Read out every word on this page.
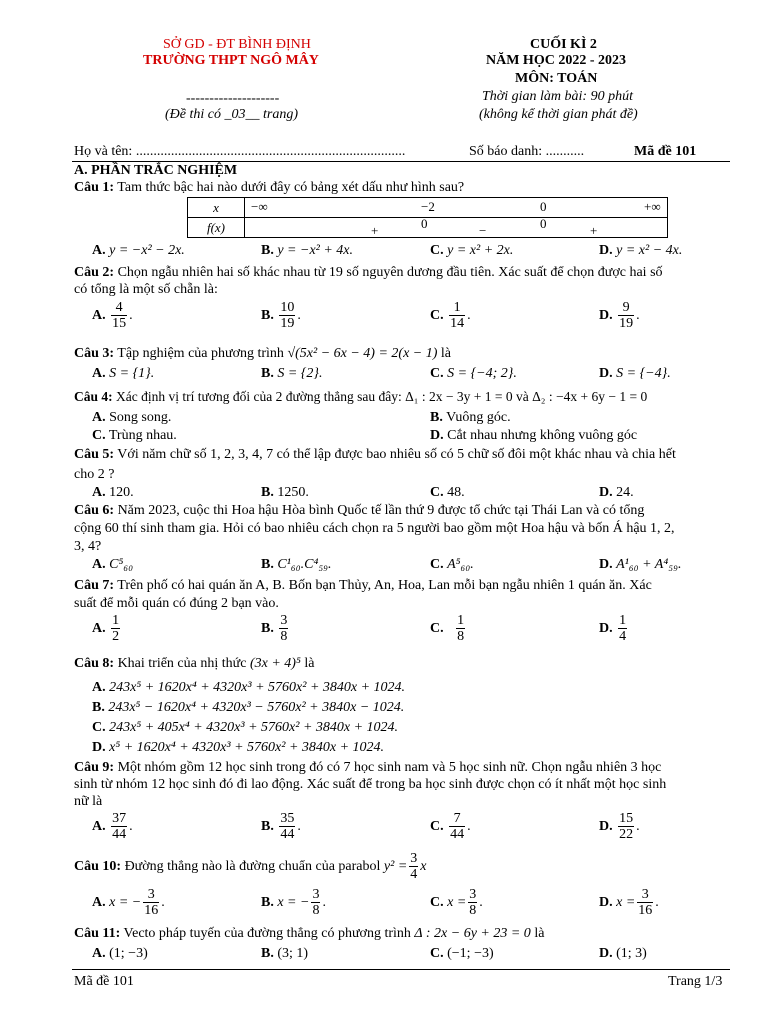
SỞ GD - ĐT BÌNH ĐỊNH
TRƯỜNG THPT NGÔ MÂY
--------------------
(Đề thi có _03__ trang)
CUỐI KÌ 2
NĂM HỌC 2022 - 2023
MÔN: TOÁN
Thời gian làm bài: 90 phút
(không kể thời gian phát đề)
Họ và tên: .............................................................................	Số báo danh: ...........	Mã đề 101
A. PHẦN TRẮC NGHIỆM
Câu 1: Tam thức bậc hai nào dưới đây có bảng xét dấu như hình sau?
x	−∞ −2 0 +∞

f(x)	+ 0 − 0 +
A. y = −x² − 2x.	B. y = −x² + 4x.	C. y = x² + 2x.	D. y = x² − 4x.
Câu 2: Chọn ngẫu nhiên hai số khác nhau từ 19 số nguyên dương đầu tiên. Xác suất để chọn được hai số
có tổng là một số chẵn là:
A. $\frac{4}{15}$ .	B. $\frac{10}{19}$ .	C. $\frac{1}{14}$ .	D. $\frac{9}{19}$ .
Câu 3: Tập nghiệm của phương trình √(5x² − 6x − 4) = 2(x − 1) là
A. S = {1}.	B. S = {2}.	C. S = {−4; 2}.	D. S = {−4}.
Câu 4: Xác định vị trí tương đối của 2 đường thẳng sau đây: Δ₁ : 2x − 3y + 1 = 0 và Δ₂ : −4x + 6y − 1 = 0
A. Song song.	B. Vuông góc.
C. Trùng nhau.	D. Cắt nhau nhưng không vuông góc
Câu 5: Với năm chữ số 1, 2, 3, 4, 7 có thể lập được bao nhiêu số có 5 chữ số đôi một khác nhau và chia hết
cho 2 ?
A. 120.	B. 1250.	C. 48.	D. 24.
Câu 6: Năm 2023, cuộc thi Hoa hậu Hòa bình Quốc tế lần thứ 9 được tổ chức tại Thái Lan và có tổng
cộng 60 thí sinh tham gia. Hỏi có bao nhiêu cách chọn ra 5 người bao gồm một Hoa hậu và bốn Á hậu 1, 2,
3, 4?
A. C⁵₆₀	B. C¹₆₀.C⁴₅₉.	C. A⁵₆₀.	D. A¹₆₀ + A⁴₅₉.
Câu 7: Trên phố có hai quán ăn A, B. Bốn bạn Thủy, An, Hoa, Lan mỗi bạn ngẫu nhiên 1 quán ăn. Xác
suất để mỗi quán có đúng 2 bạn vào.
A. $\frac{1}{2}$	B. $\frac{3}{8}$	C. $\frac{1}{8}$	D. $\frac{1}{4}$
Câu 8: Khai triển của nhị thức (3x + 4)⁵ là
A. 243x⁵ + 1620x⁴ + 4320x³ + 5760x² + 3840x + 1024.
B. 243x⁵ − 1620x⁴ + 4320x³ − 5760x² + 3840x − 1024.
C. 243x⁵ + 405x⁴ + 4320x³ + 5760x² + 3840x + 1024.
D. x⁵ + 1620x⁴ + 4320x³ + 5760x² + 3840x + 1024.
Câu 9: Một nhóm gồm 12 học sinh trong đó có 7 học sinh nam và 5 học sinh nữ. Chọn ngẫu nhiên 3 học
sinh từ nhóm 12 học sinh đó đi lao động. Xác suất để trong ba học sinh được chọn có ít nhất một học sinh
nữ là
A. $\frac{37}{44}$ .	B. $\frac{35}{44}$ .	C. $\frac{7}{44}$ .	D. $\frac{15}{22}$ .
Câu 10: Đường thẳng nào là đường chuẩn của parabol $y^2 = \frac{3}{4}$ x
A. x = − $\frac{3}{16}$ .	B. x = − $\frac{3}{8}$ .	C. $x = \frac{3}{8}$ .	D. $x = \frac{3}{16}$ .
Câu 11: Vecto pháp tuyến của đường thẳng có phương trình Δ : 2x − 6y + 23 = 0 là
A. (1; −3)	B. (3; 1)	C. (−1; −3)	D. (1; 3)
Mã đề 101	Trang 1/3
